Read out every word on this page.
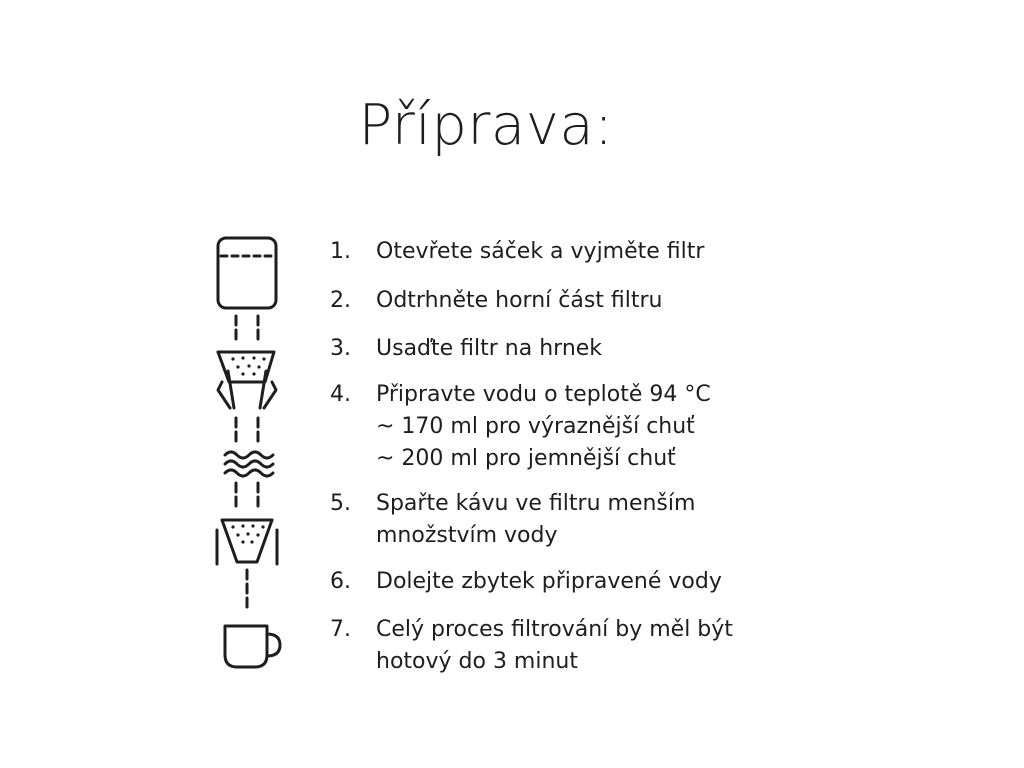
Příprava:
1.	Otevřete sáček a vyjměte filtr
2.	Odtrhněte horní část filtru
3.	Usaďte filtr na hrnek
4.	Připravte vodu o teplotě 94 °C
~ 170 ml pro výraznější chuť
~ 200 ml pro jemnější chuť
5.	Spařte kávu ve filtru menším
množstvím vody
6.	Dolejte zbytek připravené vody
7.	Celý proces filtrování by měl být
hotový do 3 minut
